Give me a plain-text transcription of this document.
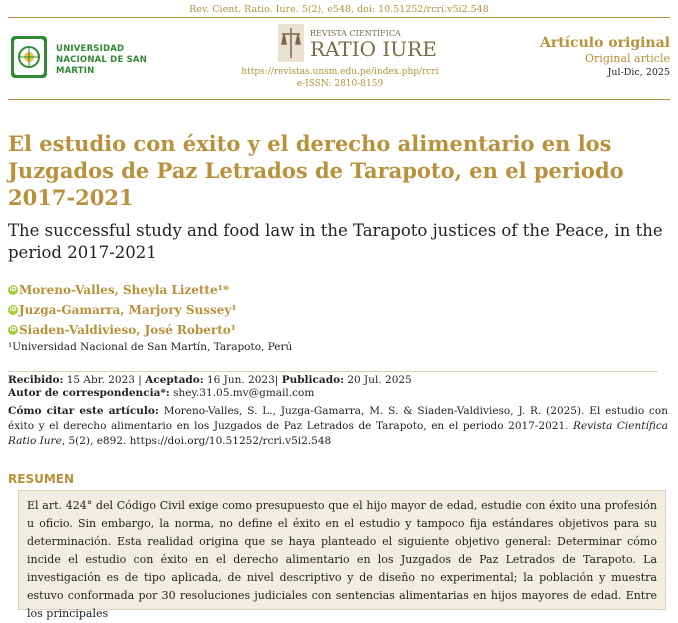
Rev. Cient. Ratio. Iure. 5(2), e548, doi: 10.51252/rcri.v5i2.548
UNIVERSIDAD NACIONAL DE SAN MARTIN
REVISTA CIENTÍFICA
RATIO IURE
https://revistas.unsm.edu.pe/index.php/rcri
e-ISSN: 2810-8159
Artículo original
Original article
Jul-Dic, 2025
El estudio con éxito y el derecho alimentario en los Juzgados de Paz Letrados de Tarapoto, en el periodo 2017-2021
The successful study and food law in the Tarapoto justices of the Peace, in the period 2017-2021
iD Moreno-Valles, Sheyla Lizette¹*
iD Juzga-Gamarra, Marjory Sussey¹
iD Siaden-Valdivieso, José Roberto¹
¹Universidad Nacional de San Martín, Tarapoto, Perú
Recibido: 15 Abr. 2023 | Aceptado: 16 Jun. 2023| Publicado: 20 Jul. 2025
Autor de correspondencia*: shey.31.05.mv@gmail.com
Cómo citar este artículo: Moreno-Valles, S. L., Juzga-Gamarra, M. S. & Siaden-Valdivieso, J. R. (2025). El estudio con éxito y el derecho alimentario en los Juzgados de Paz Letrados de Tarapoto, en el periodo 2017-2021. Revista Científica Ratio Iure, 5(2), e892. https://doi.org/10.51252/rcri.v5i2.548
RESUMEN
El art. 424° del Código Civil exige como presupuesto que el hijo mayor de edad, estudie con éxito una profesión u oficio. Sin embargo, la norma, no define el éxito en el estudio y tampoco fija estándares objetivos para su determinación. Esta realidad origina que se haya planteado el siguiente objetivo general: Determinar cómo incide el estudio con éxito en el derecho alimentario en los Juzgados de Paz Letrados de Tarapoto. La investigación es de tipo aplicada, de nivel descriptivo y de diseño no experimental; la población y muestra estuvo conformada por 30 resoluciones judiciales con sentencias alimentarias en hijos mayores de edad. Entre los principales
